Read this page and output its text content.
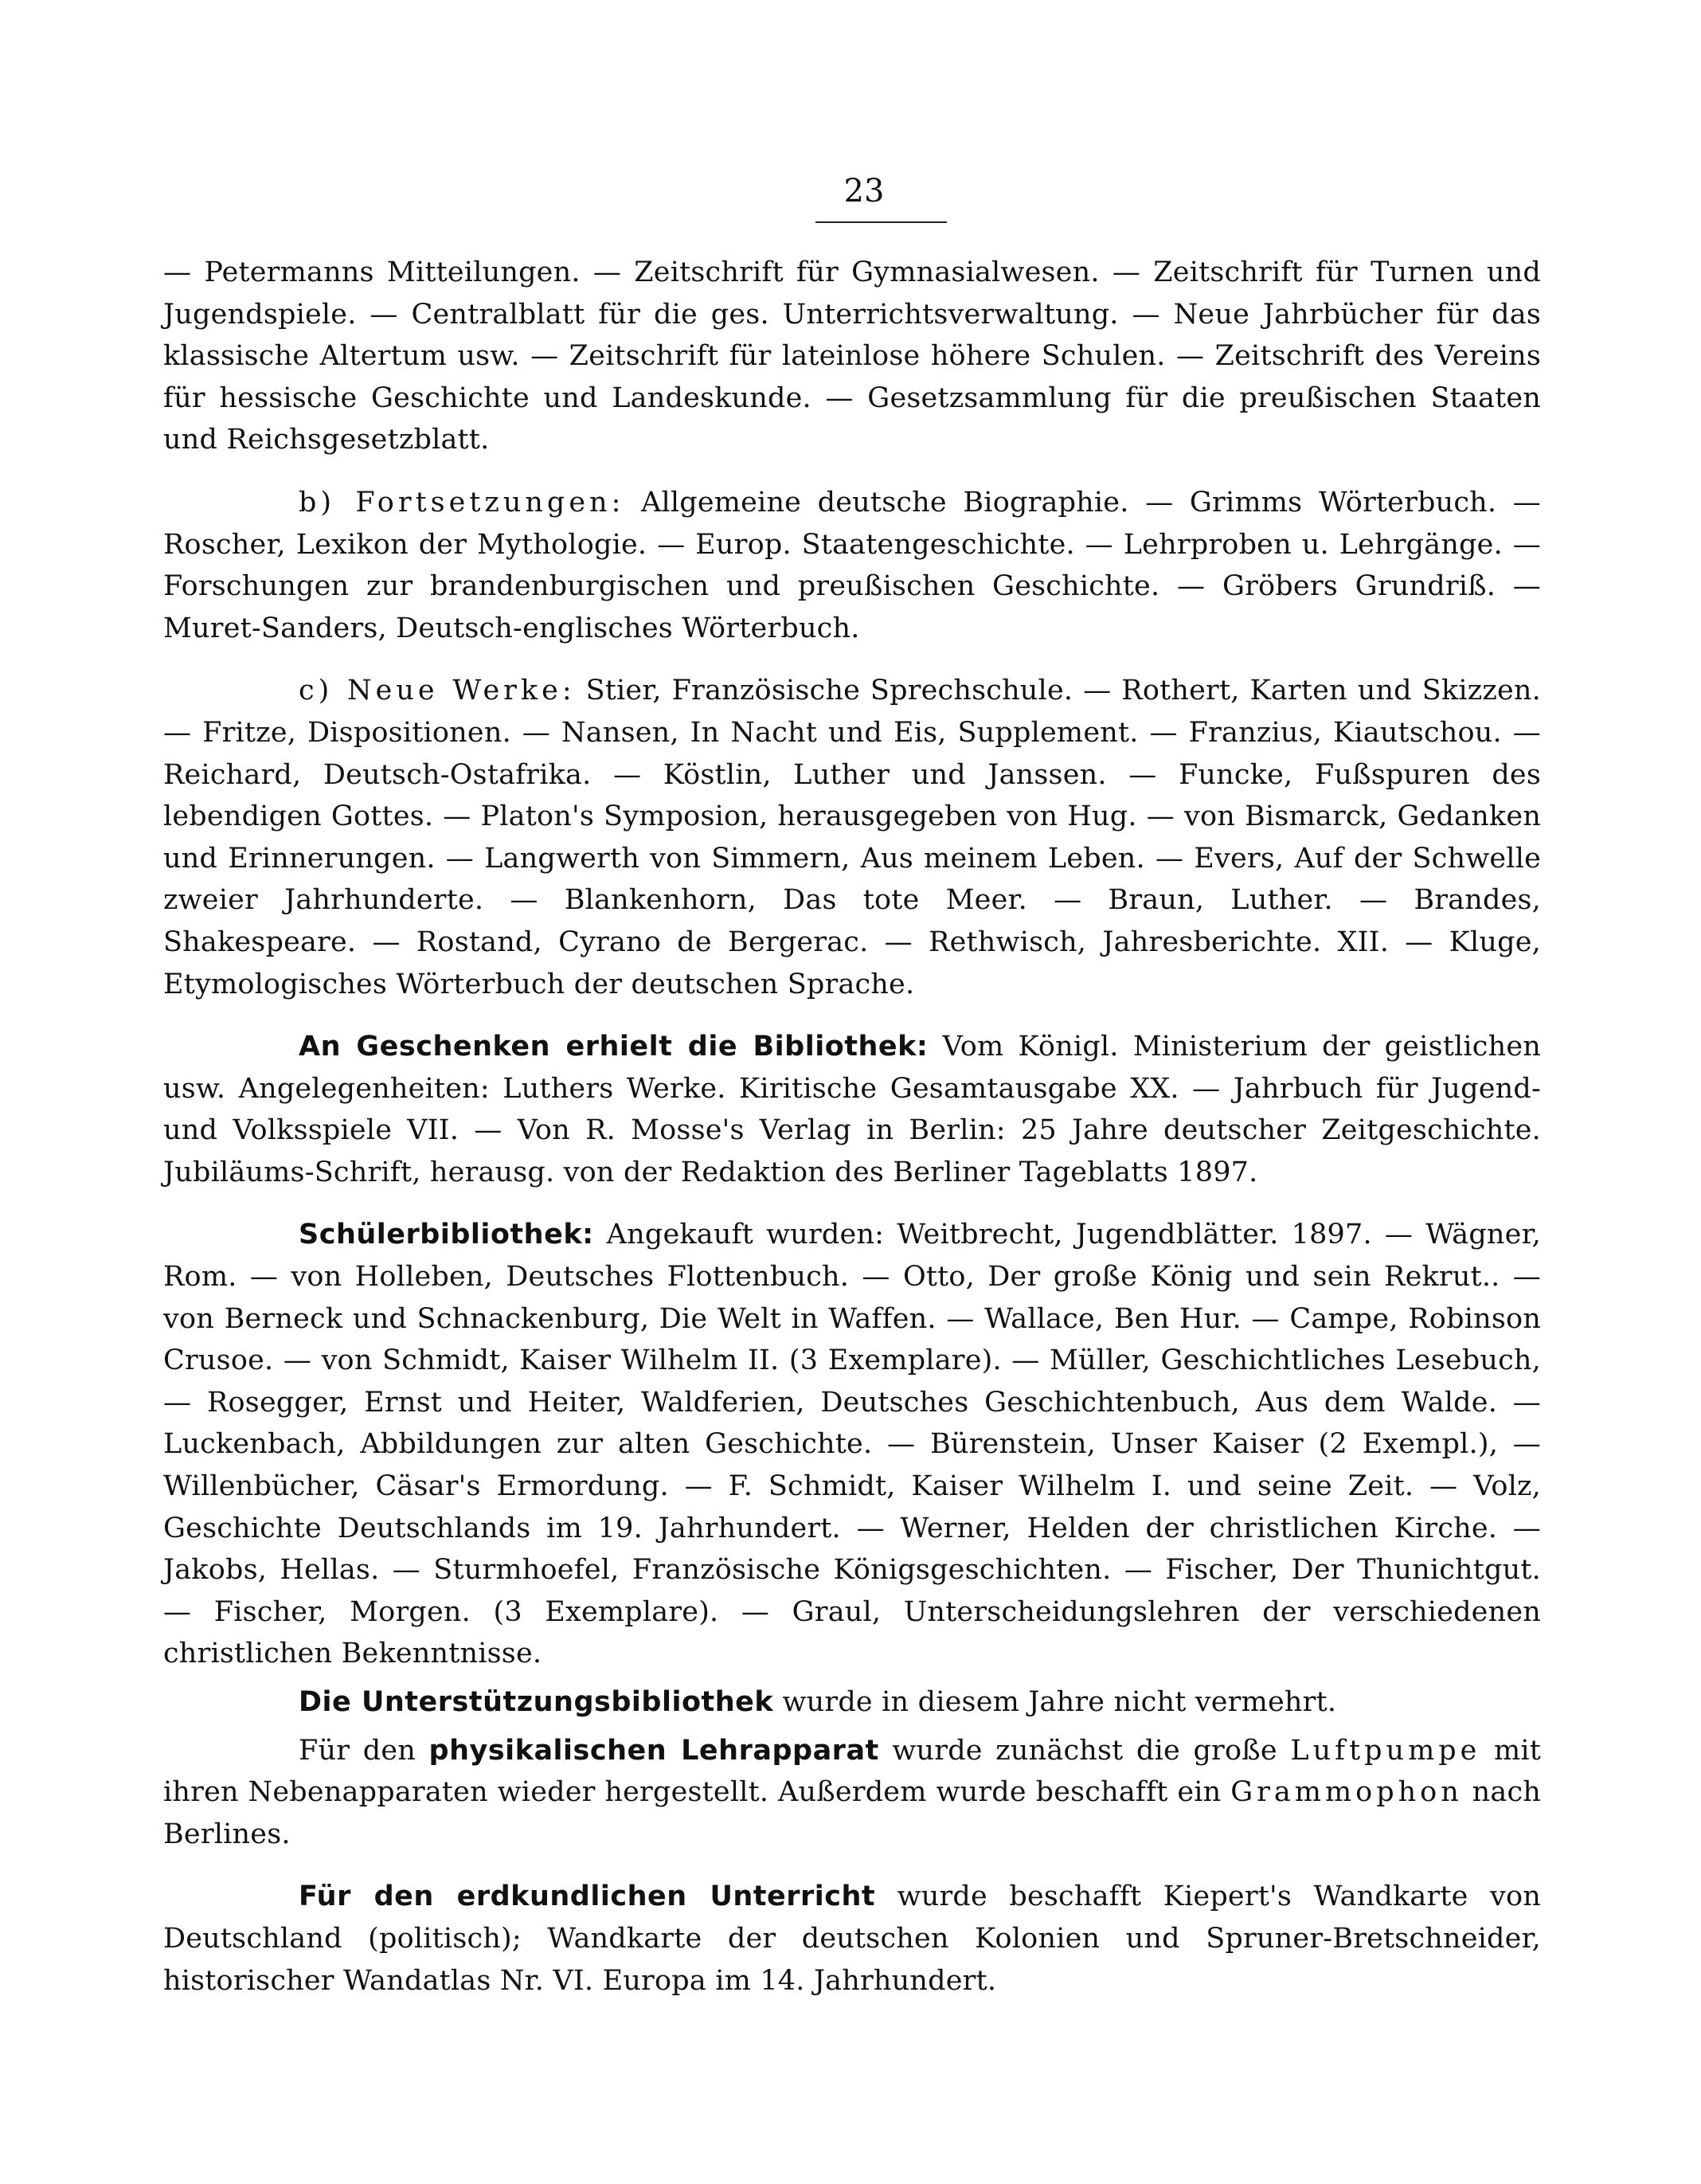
23

— Petermanns Mitteilungen. — Zeitschrift für Gymnasialwesen. — Zeitschrift für Turnen und Jugendspiele. — Centralblatt für die ges. Unterrichtsverwaltung. — Neue Jahrbücher für das klassische Altertum usw. — Zeitschrift für lateinlose höhere Schulen. — Zeitschrift des Vereins für hessische Geschichte und Landeskunde. — Gesetzsammlung für die preußischen Staaten und Reichsgesetzblatt.

b) Fortsetzungen: Allgemeine deutsche Biographie. — Grimms Wörterbuch. — Roscher, Lexikon der Mythologie. — Europ. Staatengeschichte. — Lehrproben u. Lehrgänge. — Forschungen zur brandenburgischen und preußischen Geschichte. — Gröbers Grundriß. — Muret-Sanders, Deutsch-englisches Wörterbuch.

c) Neue Werke: Stier, Französische Sprechschule. — Rothert, Karten und Skizzen. — Fritze, Dispositionen. — Nansen, In Nacht und Eis, Supplement. — Franzius, Kiautschou. — Reichard, Deutsch-Ostafrika. — Köstlin, Luther und Janssen. — Funcke, Fußspuren des lebendigen Gottes. — Platon's Symposion, herausgegeben von Hug. — von Bismarck, Gedanken und Erinnerungen. — Langwerth von Simmern, Aus meinem Leben. — Evers, Auf der Schwelle zweier Jahrhunderte. — Blankenhorn, Das tote Meer. — Braun, Luther. — Brandes, Shakespeare. — Rostand, Cyrano de Bergerac. — Rethwisch, Jahresberichte. XII. — Kluge, Etymologisches Wörterbuch der deutschen Sprache.

An Geschenken erhielt die Bibliothek: Vom Königl. Ministerium der geistlichen usw. Angelegenheiten: Luthers Werke. Kiritische Gesamtausgabe XX. — Jahrbuch für Jugend- und Volksspiele VII. — Von R. Mosse's Verlag in Berlin: 25 Jahre deutscher Zeitgeschichte. Jubiläums-Schrift, herausg. von der Redaktion des Berliner Tageblatts 1897.

Schülerbibliothek: Angekauft wurden: Weitbrecht, Jugendblätter. 1897. — Wägner, Rom. — von Holleben, Deutsches Flottenbuch. — Otto, Der große König und sein Rekrut.. — von Berneck und Schnackenburg, Die Welt in Waffen. — Wallace, Ben Hur. — Campe, Robinson Crusoe. — von Schmidt, Kaiser Wilhelm II. (3 Exemplare). — Müller, Geschichtliches Lesebuch, — Rosegger, Ernst und Heiter, Waldferien, Deutsches Geschichtenbuch, Aus dem Walde. — Luckenbach, Abbildungen zur alten Geschichte. — Bürenstein, Unser Kaiser (2 Exempl.), — Willenbücher, Cäsar's Ermordung. — F. Schmidt, Kaiser Wilhelm I. und seine Zeit. — Volz, Geschichte Deutschlands im 19. Jahrhundert. — Werner, Helden der christlichen Kirche. — Jakobs, Hellas. — Sturmhoefel, Französische Königsgeschichten. — Fischer, Der Thunichtgut. — Fischer, Morgen. (3 Exemplare). — Graul, Unterscheidungslehren der verschiedenen christlichen Bekenntnisse.

Die Unterstützungsbibliothek wurde in diesem Jahre nicht vermehrt.

Für den physikalischen Lehrapparat wurde zunächst die große Luftpumpe mit ihren Nebenapparaten wieder hergestellt. Außerdem wurde beschafft ein Grammophon nach Berlines.

Für den erdkundlichen Unterricht wurde beschafft Kiepert's Wandkarte von Deutschland (politisch); Wandkarte der deutschen Kolonien und Spruner-Bretschneider, historischer Wandatlas Nr. VI. Europa im 14. Jahrhundert.
